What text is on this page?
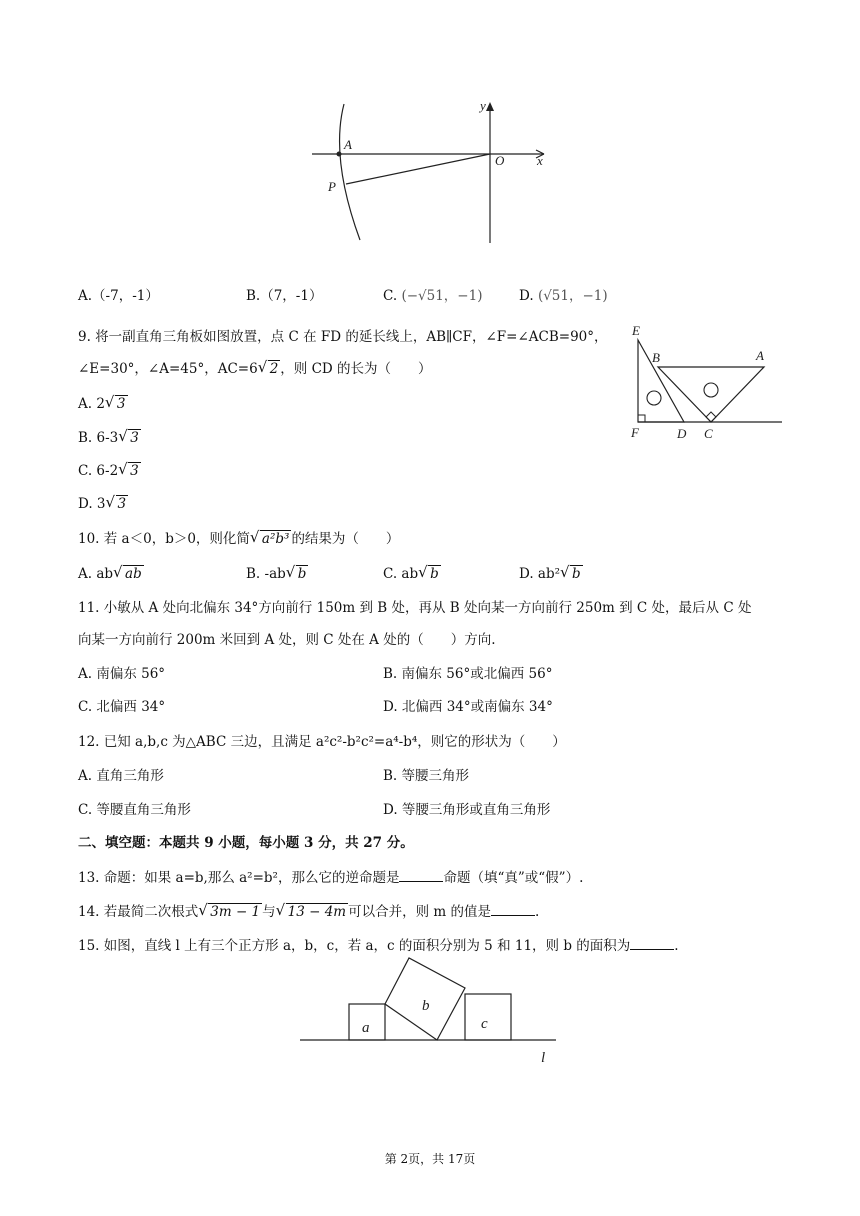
y
A
O	x
P
A.（-7，-1）	B.（7，-1）	C. (−√51，−1)	D. (√51，−1)
9. 将一副直角三角板如图放置，点 C 在 FD 的延长线上，AB∥CF，∠F=∠ACB=90°，
∠E=30°，∠A=45°，AC=6 √ 2 ，则 CD 的长为（　　）
A. 2 √ 3
B. 6-3 √ 3
C. 6-2 √ 3
D. 3 √ 3
E
B	A
F	D C
10. 若 a＜0，b＞0，则化简 √ a²b³ 的结果为（　　）
A. ab √ ab	B. -ab √ b	C. ab √ b	D. ab² √ b
11. 小敏从 A 处向北偏东 34°方向前行 150m 到 B 处，再从 B 处向某一方向前行 250m 到 C 处，最后从 C 处
向某一方向前行 200m 米回到 A 处，则 C 处在 A 处的（　　）方向.
A. 南偏东 56°	B. 南偏东 56°或北偏西 56°
C. 北偏西 34°	D. 北偏西 34°或南偏东 34°
12. 已知 a,b,c 为△ABC 三边，且满足 a²c²-b²c²=a⁴-b⁴，则它的形状为（　　）
A. 直角三角形	B. 等腰三角形
C. 等腰直角三角形	D. 等腰三角形或直角三角形
二、填空题：本题共 9 小题，每小题 3 分，共 27 分。
13. 命题：如果 a=b,那么 a²=b²，那么它的逆命题是	命题（填“真”或“假”）.
14. 若最简二次根式 √ 3m − 1 与 √ 13 − 4m 可以合并，则 m 的值是	.
15. 如图，直线 l 上有三个正方形 a，b，c，若 a，c 的面积分别为 5 和 11，则 b 的面积为	.
a
b
c
l
第 2页，共 17页
